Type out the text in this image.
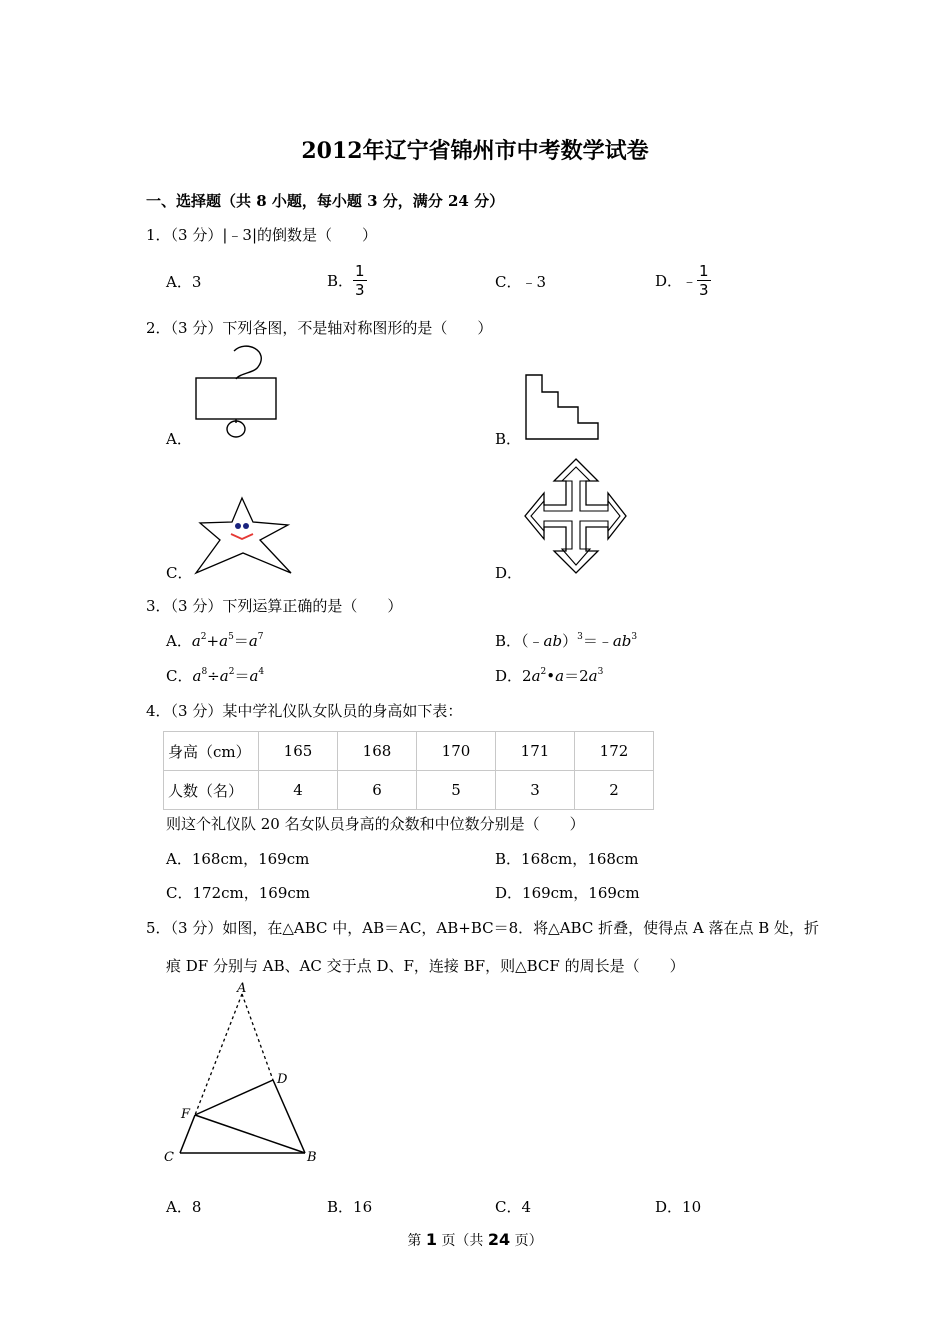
2012年辽宁省锦州市中考数学试卷
一、选择题（共 8 小题，每小题 3 分，满分 24 分）
1．（3 分）|﹣3|的倒数是（　　）
A．3	B． $\frac{1}{3}$	C．﹣3	D．﹣ $\frac{1}{3}$
2．（3 分）下列各图，不是轴对称图形的是（　　）
A．	B．
C．	D．
3．（3 分）下列运算正确的是（　　）
A．$a^2+a^5=a^7$	B．$(﹣ab)^3=﹣ab^3$
C．$a^8\div a^2=a^4$	D．$2a^2•a=2a^3$
4．（3 分）某中学礼仪队女队员的身高如下表：
身高（cm）	165	168	170	171	172
人数（名）	4	6	5	3	2
则这个礼仪队 20 名女队员身高的众数和中位数分别是（　　）
A．168cm，169cm	B．168cm，168cm
C．172cm，169cm	D．169cm，169cm
5．（3 分）如图，在△ABC 中，AB＝AC，AB+BC＝8．将△ABC 折叠，使得点 A 落在点 B 处，折
痕 DF 分别与 AB、AC 交于点 D、F，连接 BF，则△BCF 的周长是（　　）
A
D
F
C	B
A．8	B．16	C．4	D．10
第 1 页（共 24 页）
